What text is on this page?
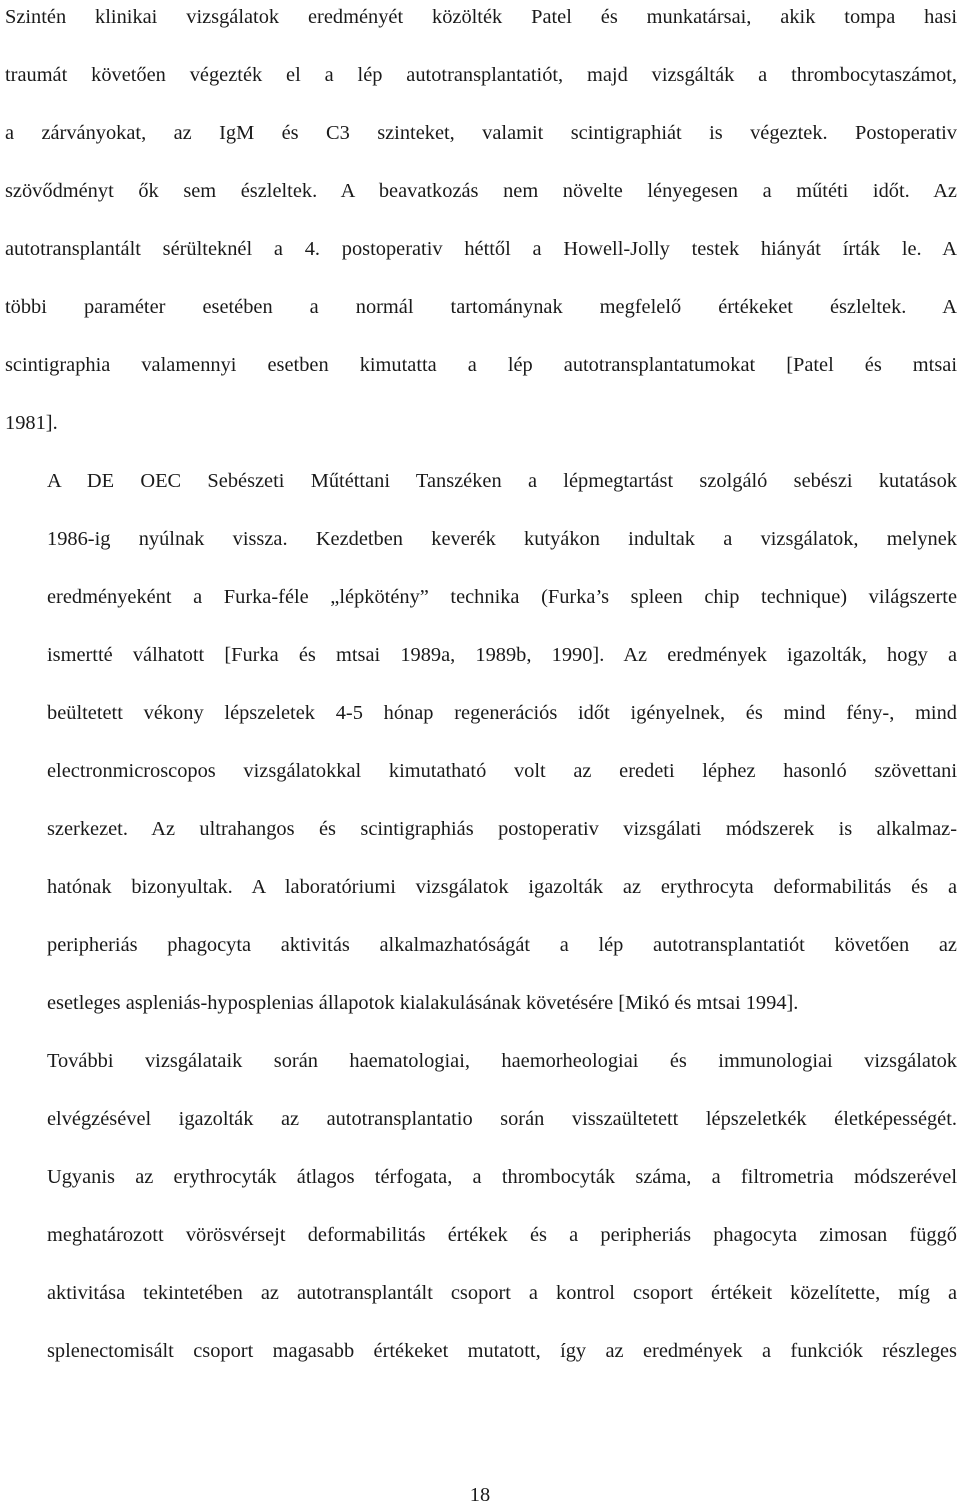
Szintén klinikai vizsgálatok eredményét közölték Patel és munkatársai, akik tompa hasi
traumát követően végezték el a lép autotransplantatiót, majd vizsgálták a thrombocytaszámot,
a zárványokat, az IgM és C3 szinteket, valamit scintigraphiát is végeztek. Postoperativ
szövődményt ők sem észleltek. A beavatkozás nem növelte lényegesen a műtéti időt. Az
autotransplantált sérülteknél a 4. postoperativ héttől a Howell-Jolly testek hiányát írták le. A
többi paraméter esetében a normál tartománynak megfelelő értékeket észleltek. A
scintigraphia valamennyi esetben kimutatta a lép autotransplantatumokat [Patel és mtsai
1981].
A DE OEC Sebészeti Műtéttani Tanszéken a lépmegtartást szolgáló sebészi kutatások
1986-ig nyúlnak vissza. Kezdetben keverék kutyákon indultak a vizsgálatok, melynek
eredményeként a Furka-féle „lépkötény” technika (Furka’s spleen chip technique) világszerte
ismertté válhatott [Furka és mtsai 1989a, 1989b, 1990]. Az eredmények igazolták, hogy a
beültetett vékony lépszeletek 4-5 hónap regenerációs időt igényelnek, és mind fény-, mind
electronmicroscopos vizsgálatokkal kimutatható volt az eredeti léphez hasonló szövettani
szerkezet. Az ultrahangos és scintigraphiás postoperativ vizsgálati módszerek is alkalmaz-
hatónak bizonyultak. A laboratóriumi vizsgálatok igazolták az erythrocyta deformabilitás és a
peripheriás phagocyta aktivitás alkalmazhatóságát a lép autotransplantatiót követően az
esetleges aspleniás-hyposplenias állapotok kialakulásának követésére [Mikó és mtsai 1994].
További vizsgálataik során haematologiai, haemorheologiai és immunologiai vizsgálatok
elvégzésével igazolták az autotransplantatio során visszaültetett lépszeletkék életképességét.
Ugyanis az erythrocyták átlagos térfogata, a thrombocyták száma, a filtrometria módszerével
meghatározott vörösvérsejt deformabilitás értékek és a peripheriás phagocyta zimosan függő
aktivitása tekintetében az autotransplantált csoport a kontrol csoport értékeit közelítette, míg a
splenectomisált csoport magasabb értékeket mutatott, így az eredmények a funkciók részleges
18
